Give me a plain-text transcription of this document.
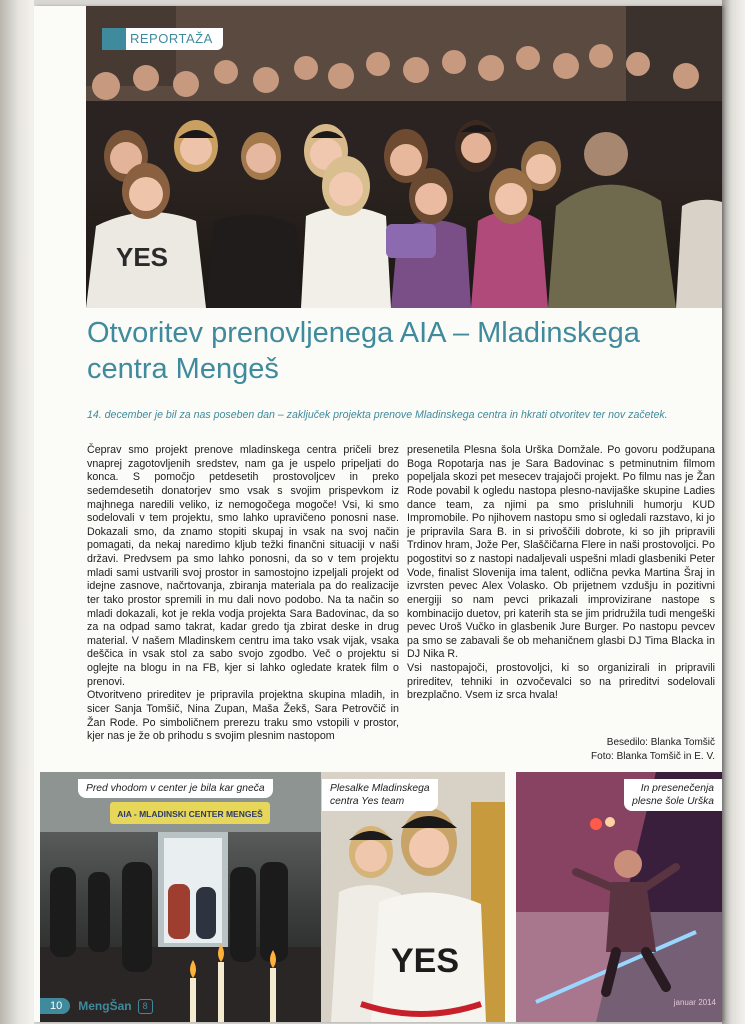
YES
REPORTAŽA
Otvoritev prenovljenega AIA – Mladinskega centra Mengeš
14. december je bil za nas poseben dan – zaključek projekta prenove Mladinskega centra in hkrati otvoritev ter nov začetek.

Čeprav smo projekt prenove mladinskega centra pričeli brez vnaprej zagotovljenih sredstev, nam ga je uspelo pripeljati do konca. S pomočjo petdesetih prostovoljcev in preko sedemdesetih donatorjev smo vsak s svojim prispevkom iz majhnega naredili veliko, iz nemogočega mogoče! Vsi, ki smo sodelovali v tem projektu, smo lahko upravičeno ponosni nase. Dokazali smo, da znamo stopiti skupaj in vsak na svoj način pomagati, da nekaj naredimo kljub težki finančni situaciji v naši državi. Predvsem pa smo lahko ponosni, da so v tem projektu mladi sami ustvarili svoj prostor in samostojno izpeljali projekt od idejne zasnove, načrtovanja, zbiranja materiala pa do realizacije ter tako prostor spremili in mu dali novo podobo. Na ta način so mladi dokazali, kot je rekla vodja projekta Sara Badovinac, da so za na odpad samo takrat, kadar gredo tja zbirat deske in drug material. V našem Mladinskem centru ima tako vsak vijak, vsaka deščica in vsak stol za sabo svojo zgodbo. Več o projektu si oglejte na blogu in na FB, kjer si lahko ogledate kratek film o prenovi.

Otvoritveno prireditev je pripravila projektna skupina mladih, in sicer Sanja Tomšič, Nina Zupan, Maša Žekš, Sara Petrovčič in Žan Rode. Po simboličnem prerezu traku smo vstopili v prostor, kjer nas je že ob prihodu s svojim plesnim nastopom

presenetila Plesna šola Urška Domžale. Po govoru podžupana Boga Ropotarja nas je Sara Badovinac s petminutnim filmom popeljala skozi pet mesecev trajajoči projekt. Po filmu nas je Žan Rode povabil k ogledu nastopa plesno-navijaške skupine Ladies dance team, za njimi pa smo prisluhnili humorju KUD Impromobile. Po njihovem nastopu smo si ogledali razstavo, ki jo je pripravila Sara B. in si privoščili dobrote, ki so jih pripravili Trdinov hram, Jože Per, Slaščičarna Flere in naši prostovoljci. Po pogostitvi so z nastopi nadaljevali uspešni mladi glasbeniki Peter Vode, finalist Slovenija ima talent, odlična pevka Martina Šraj in izvrsten pevec Alex Volasko. Ob prijetnem vzdušju in pozitivni energiji so nam pevci prikazali improvizirane nastope s kombinacijo duetov, pri katerih sta se jim pridružila tudi mengeški pevec Uroš Vučko in glasbenik Jure Burger. Po nastopu pevcev pa smo se zabavali še ob mehaničnem glasbi DJ Tima Blacka in DJ Nika R.

Vsi nastopajoči, prostovoljci, ki so organizirali in pripravili prireditev, tehniki in ozvočevalci so na prireditvi sodelovali brezplačno. Vsem iz srca hvala!

Besedilo: Blanka Tomšič
Foto: Blanka Tomšič in E. V.
AIA - MLADINSKI CENTER MENGEŠ
Pred vhodom v center je bila kar gneča
YES
Plesalke Mladinskega
centra Yes team
In presenečenja
plesne šole Urška
10	MengŠan	8	januar 2014
